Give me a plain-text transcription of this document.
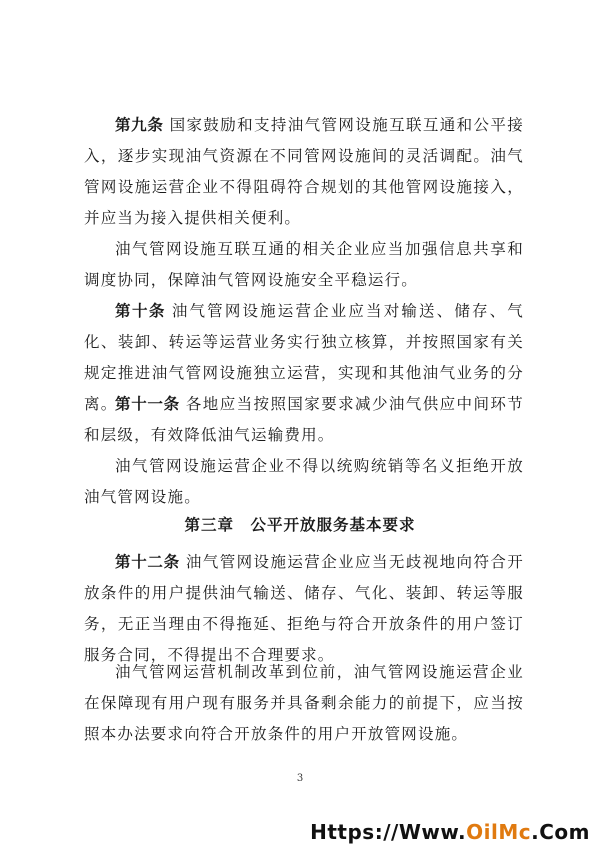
第九条 国家鼓励和支持油气管网设施互联互通和公平接入，逐步实现油气资源在不同管网设施间的灵活调配。油气管网设施运营企业不得阻碍符合规划的其他管网设施接入，并应当为接入提供相关便利。

油气管网设施互联互通的相关企业应当加强信息共享和调度协同，保障油气管网设施安全平稳运行。

第十条 油气管网设施运营企业应当对输送、储存、气化、装卸、转运等运营业务实行独立核算，并按照国家有关规定推进油气管网设施独立运营，实现和其他油气业务的分离。

第十一条 各地应当按照国家要求减少油气供应中间环节和层级，有效降低油气运输费用。

油气管网设施运营企业不得以统购统销等名义拒绝开放油气管网设施。

第三章　公平开放服务基本要求

第十二条 油气管网设施运营企业应当无歧视地向符合开放条件的用户提供油气输送、储存、气化、装卸、转运等服务，无正当理由不得拖延、拒绝与符合开放条件的用户签订服务合同，不得提出不合理要求。

油气管网运营机制改革到位前，油气管网设施运营企业在保障现有用户现有服务并具备剩余能力的前提下，应当按照本办法要求向符合开放条件的用户开放管网设施。

3
Https://Www.OilMc.Com
